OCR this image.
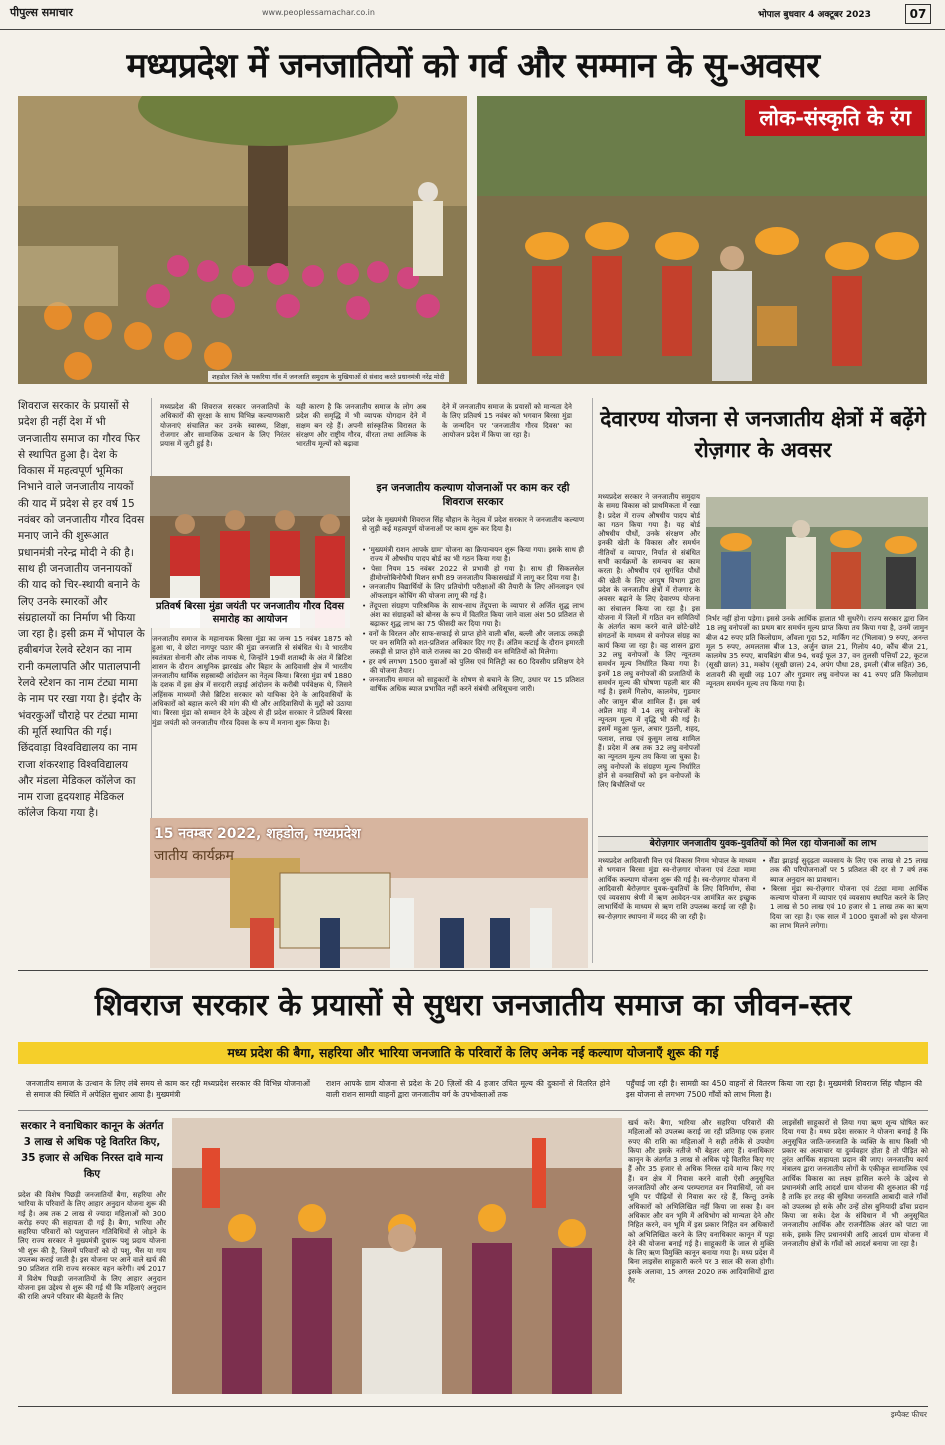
पीपुल्स समाचार	www.peoplessamachar.co.in	भोपाल बुधवार 4 अक्टूबर 2023	07
मध्यप्रदेश में जनजातियों को गर्व और सम्मान के सु-अवसर
शहडोल जिले के पकरिया गाँव में जनजाति समुदाय के मुखियाओं से संवाद करते प्रधानमंत्री नरेंद्र मोदी
लोक-संस्कृति के रंग
शिवराज सरकार के प्रयासों से प्रदेश ही नहीं देश में भी जनजातीय समाज का गौरव फिर से स्थापित हुआ है। देश के विकास में महत्वपूर्ण भूमिका निभाने वाले जनजातीय नायकों की याद में प्रदेश से हर वर्ष 15 नवंबर को जनजातीय गौरव दिवस मनाए जाने की शुरूआत प्रधानमंत्री नरेन्द्र मोदी ने की है। साथ ही जनजातीय जननायकों की याद को चिर-स्थायी बनाने के लिए उनके स्मारकों और संग्रहालयों का निर्माण भी किया जा रहा है। इसी क्रम में भोपाल के हबीबगंज रेलवे स्टेशन का नाम रानी कमलापति और पातालपानी रेलवे स्टेशन का नाम टंट्या मामा के नाम पर रखा गया है। इंदौर के भंवरकुआँ चौराहे पर टंट्या मामा की मूर्ति स्थापित की गई। छिंदवाड़ा विश्वविद्यालय का नाम राजा शंकरशाह विश्वविद्यालय और मंडला मेडिकल कॉलेज का नाम राजा हृदयशाह मेडिकल कॉलेज किया गया है।
मध्यप्रदेश की शिवराज सरकार जनजातियों के अधिकारों की सुरक्षा के साथ विभिन्न कल्याणकारी योजनाएं संचालित कर उनके स्वास्थ्य, शिक्षा, रोजगार और सामाजिक उत्थान के लिए निरंतर प्रयास में जुटी हुई है।
यही कारण है कि जनजातीय समाज के लोग अब प्रदेश की समृद्धि में भी व्यापक योगदान देने में सक्षम बन रहे हैं। अपनी सांस्कृतिक विरासत के संरक्षण और राष्ट्रीय गौरव, वीरता तथा आत्मिक के भारतीय मूल्यों को बढ़ावा
देने में जनजातीय समाज के प्रयासों को मान्यता देने के लिए प्रतिवर्ष 15 नवंबर को भगवान बिरसा मुंडा के जन्मदिन पर 'जनजातीय गौरव दिवस' का आयोजन प्रदेश में किया जा रहा है।
प्रतिवर्ष बिरसा मुंडा जयंती पर जनजातीय गौरव दिवस समारोह का आयोजन
जनजातीय समाज के महानायक बिरसा मुंडा का जन्म 15 नवंबर 1875 को हुआ था, वे छोटा नागपुर पठार की मुंडा जनजाति से संबंधित थे। वे भारतीय स्वतंत्रता सेनानी और लोक नायक थे, जिन्होंने 19वीं शताब्दी के अंत में ब्रिटिश शासन के दौरान आधुनिक झारखंड और बिहार के आदिवासी क्षेत्र में भारतीय जनजातीय धार्मिक सहस्राब्दी आंदोलन का नेतृत्व किया। बिरसा मुंडा वर्ष 1880 के दशक में इस क्षेत्र में सरदारी लड़ाई आंदोलन के करीबी पर्यवेक्षक थे, जिसने अहिंसक माध्यमों जैसे ब्रिटिश सरकार को याचिका देने के आदिवासियों के अधिकारों को बहाल करने की मांग की थी और आदिवासियों के मुद्दों को उठाया था। बिरसा मुंडा को सम्मान देने के उद्देश्य से ही प्रदेश सरकार ने प्रतिवर्ष बिरसा मुंडा जयंती को जनजातीय गौरव दिवस के रूप में मनाना शुरू किया है।
इन जनजातीय कल्याण योजनाओं पर काम कर रही शिवराज सरकार
प्रदेश के मुख्यमंत्री शिवराज सिंह चौहान के नेतृत्व में प्रदेश सरकार ने जनजातीय कल्याण से जुड़ी कई महत्वपूर्ण योजनाओं पर काम शुरू कर दिया है।
• 'मुख्यमंत्री राशन आपके ग्राम' योजना का क्रियान्वयन शुरू किया गया। इसके साथ ही राज्य में औषधीय पादप बोर्ड का भी गठन किया गया है।
• पेसा नियम 15 नवंबर 2022 से प्रभावी हो गया है। साथ ही सिकलसेल हीमोग्लोबिनोपैथी मिशन सभी 89 जनजातीय विकासखंडों में लागू कर दिया गया है।
• जनजातीय विद्यार्थियों के लिए प्रतियोगी परीक्षाओं की तैयारी के लिए ऑनलाइन एवं ऑफलाइन कोचिंग की योजना लागू की गई है।
• तेंदूपत्ता संग्रहण पारिश्रमिक के साथ-साथ तेंदूपत्ता के व्यापार से अर्जित शुद्ध लाभ अंश का संग्राहकों को बोनस के रूप में वितरित किया जाने वाला अंश 50 प्रतिशत से बढ़ाकर शुद्ध लाभ का 75 फीसदी कर दिया गया है।
• वनों के विरलन और साफ-सफाई से प्राप्त होने वाली बाँस, बल्ली और जलाऊ लकड़ी पर वन समिति को शत-प्रतिशत अधिकार दिए गए हैं। अंतिम कटाई के दौरान इमारती लकड़ी से प्राप्त होने वाले राजस्व का 20 फीसदी वन समितियों को मिलेगा।
• हर वर्ष लगभग 1500 युवाओं को पुलिस एवं मिलिट्री का 60 दिवसीय प्रशिक्षण देने की योजना तैयार।
• जनजातीय समाज को साहूकारों के शोषण से बचाने के लिए, उधार पर 15 प्रतिशत वार्षिक अधिक ब्याज प्रभावित नहीं करने संबंधी अधिसूचना जारी।
15 नवम्बर 2022, शहडोल, मध्यप्रदेश
जातीय कार्यक्रम
देवारण्य योजना से जनजातीय क्षेत्रों में बढ़ेंगे रोज़गार के अवसर
मध्यप्रदेश सरकार ने जनजातीय समुदाय के समग्र विकास को प्राथमिकता में रखा है। प्रदेश में राज्य औषधीय पादप बोर्ड का गठन किया गया है। यह बोर्ड औषधीय पौधों, उनके संरक्षण और इनकी खेती के विकास और समर्थन नीतियों व व्यापार, निर्यात से संबंधित सभी कार्यक्रमों के समन्वय का काम करता है। औषधीय एवं सुगंधित पौधों की खेती के लिए आयुष विभाग द्वारा प्रदेश के जनजातीय क्षेत्रों में रोजगार के अवसर बढ़ाने के लिए देवारण्य योजना का संचालन किया जा रहा है। इस योजना में जिलों में गठित वन समितियों के अंतर्गत काम करने वाले छोटे-छोटे संगठनों के माध्यम से वनोपज संग्रह का कार्य किया जा रहा है। वह शासन द्वारा 32 लघु वनोपजों के लिए न्यूनतम समर्थन मूल्य निर्धारित किया गया है। इनमें 18 लघु वनोपजों की प्रजातियों के समर्थन मूल्य की घोषणा पहली बार की गई है। इसमें गिलोय, कालमेघ, गुडमार और जामुन बीज शामिल हैं। इस वर्ष अप्रैल माह में 14 लघु वनोपजों के न्यूनतम मूल्य में वृद्धि भी की गई है। इसमें महुआ फूल, अचार गुठली, शहद, पलाश, लाख एवं कुसुम लाख शामिल हैं। प्रदेश में अब तक 32 लघु वनोपजों का न्यूनतम मूल्य तय किया जा चुका है। लघु वनोपजों के संग्रहण मूल्य निर्धारित होने से वनवासियों को इन वनोपजों के लिए बिचौलियों पर
निर्भर नहीं होना पड़ेगा। इससे उनके आर्थिक हालात भी सुधरेंगे। राज्य सरकार द्वारा जिन 18 लघु वनोपजों का प्रथम बार समर्थन मूल्य प्राप्त किया तय किया गया है, उनमें जामुन बीज 42 रुपए प्रति किलोग्राम, आँवला गूदा 52, मार्किंग नट (भिलावा) 9 रुपए, अनन्त मूल 5 रुपए, अमलतास बीज 13, अर्जुन छाल 21, गिलोय 40, कौंच बीज 21, कालमेघ 35 रुपए, बायबिडंग बीज 94, धवई फूल 37, वन तुलसी पत्तियाँ 22, कूटज (सूखी छाल) 31, मकोय (सूखी छाल) 24, अपंग पौधा 28, इमली (बीज सहित) 36, शतावरी की सूखी जड़ 107 और गुडमार लघु वनोपज का 41 रुपए प्रति किलोग्राम न्यूनतम समर्थन मूल्य तय किया गया है।
बेरोज़गार जनजातीय युवक-युवतियों को मिल रहा योजनाओं का लाभ
मध्यप्रदेश आदिवासी वित्त एवं विकास निगम भोपाल के माध्यम से भगवान बिरसा मुंडा स्व-रोज़गार योजना एवं टंट्या मामा आर्थिक कल्याण योजना शुरू की गई है। स्व-रोज़गार योजना में आदिवासी बेरोज़गार युवक-युवतियों के लिए विनिर्माण, सेवा एवं व्यवसाय श्रेणी में ऋण आवेदन-पत्र आमंत्रित कर इच्छुक लाभार्थियों के माध्यम से ऋण राशि उपलब्ध कराई जा रही है। स्व-रोज़गार स्थापना में मदद की जा रही है।
• सैंडा झाड़ाई सुदृढ़ता व्यवसाय के लिए एक लाख से 25 लाख तक की परियोजनाओं पर 5 प्रतिशत की दर से 7 वर्ष तक ब्याज अनुदान का प्रावधान।
• बिरसा मुंडा स्व-रोज़गार योजना एवं टंट्या मामा आर्थिक कल्याण योजना में व्यापार एवं व्यवसाय स्थापित करने के लिए 1 लाख से 50 लाख एवं 10 हजार से 1 लाख तक का ऋण दिया जा रहा है। एक साल में 1000 युवाओं को इस योजना का लाभ मिलने लगेगा।
शिवराज सरकार के प्रयासों से सुधरा जनजातीय समाज का जीवन-स्तर
मध्य प्रदेश की बैगा, सहरिया और भारिया जनजाति के परिवारों के लिए अनेक नई कल्याण योजनाएँ शुरू की गई
जनजातीय समाज के उत्थान के लिए लंबे समय से काम कर रही मध्यप्रदेश सरकार की विभिन्न योजनाओं से समाज की स्थिति में अपेक्षित सुधार आया है। मुख्यमंत्री
राशन आपके ग्राम योजना से प्रदेश के 20 ज़िलों की 4 हजार उचित मूल्य की दुकानों से वितरित होने वाली राशन सामग्री वाहनों द्वारा जनजातीय वर्ग के उपभोक्ताओं तक
पहुँचाई जा रही है। सामग्री का 450 वाहनों से वितरण किया जा रहा है। मुख्यमंत्री शिवराज सिंह चौहान की इस योजना से लगभग 7500 गाँवों को लाभ मिला है।
सरकार ने वनाधिकार कानून के अंतर्गत 3 लाख से अधिक पट्टे वितरित किए, 35 हजार से अधिक निरस्त दावे मान्य किए
प्रदेश की विशेष पिछड़ी जनजातियों बैगा, सहरिया और भारिया के परिवारों के लिए आहार अनुदान योजना शुरू की गई है। अब तक 2 लाख से ज्यादा महिलाओं को 300 करोड़ रुपए की सहायता दी गई है। बैगा, भारिया और सहरिया परिवारों को पशुपालन गतिविधियों से जोड़ने के लिए राज्य सरकार ने मुख्यमंत्री दुधारू पशु प्रदाय योजना भी शुरू की है, जिसमें परिवारों को दो पशु, भैंस या गाय उपलब्ध कराई जाती है। इस योजना पर आने वाले खर्च की 90 प्रतिशत राशि राज्य सरकार वहन करेगी। वर्ष 2017 में विशेष पिछड़ी जनजातियों के लिए आहार अनुदान योजना इस उद्देश्य से शुरू की गई थी कि महिलाएं अनुदान की राशि अपने परिवार की बेहतरी के लिए
खर्च करें। बैगा, भारिया और सहरिया परिवारों की महिलाओं को उपलब्ध कराई जा रही प्रतिमाह एक हजार रुपए की राशि का महिलाओं ने सही तरीके से उपयोग किया और इसके नतीजे भी बेहतर आए हैं। वनाधिकार कानून के अंतर्गत 3 लाख से अधिक पट्टे वितरित किए गए हैं और 35 हजार से अधिक निरस्त दावे मान्य किए गए हैं। वन क्षेत्र में निवास करने वाली ऐसी अनुसूचित जनजातियों और अन्य परम्परागत वन निवासियों, जो वन भूमि पर पीढ़ियों से निवास कर रहे हैं, किन्तु उनके अधिकारों को अभिलिखित नहीं किया जा सका है। वन अधिकार और वन भूमि में अधिभोग को मान्यता देने और निहित करने, वन भूमि में इस प्रकार निहित वन अधिकारों को अभिलिखित करने के लिए वनाधिकार कानून में पट्टा देने की योजना बनाई गई है। साहूकारी के जाल से मुक्ति के लिए ऋण विमुक्ति कानून बनाया गया है। मध्य प्रदेश में बिना लाइसेंस साहूकारी करने पर 3 साल की सजा होगी। इसके अलावा, 15 अगस्त 2020 तक आदिवासियों द्वारा गैर
लाइसेंसी साहूकारों से लिया गया ऋण शून्य घोषित कर दिया गया है। मध्य प्रदेश सरकार ने योजना बनाई है कि अनुसूचित जाति-जनजाति के व्यक्ति के साथ किसी भी प्रकार का अत्याचार या दुर्व्यवहार होता है तो पीड़ित को तुरंत आर्थिक सहायता प्रदान की जाए। जनजातीय कार्य मंत्रालय द्वारा जनजातीय लोगों के एकीकृत सामाजिक एवं आर्थिक विकास का लक्ष्य हासिल करने के उद्देश्य से प्रधानमंत्री आदि आदर्श ग्राम योजना की शुरुआत की गई है ताकि हर तरह की सुविधा जनजाति आबादी वाले गाँवों को उपलब्ध हो सके और उन्हें ठोस बुनियादी ढाँचा प्रदान किया जा सके। देश के संविधान में भी अनुसूचित जनजातीय आर्थिक और राजनीतिक अंतर को पाटा जा सके, इसके लिए प्रधानमंत्री आदि आदर्श ग्राम योजना में जनजातीय क्षेत्रों के गाँवों को आदर्श बनाया जा रहा है।
इम्पैक्ट फीचर
